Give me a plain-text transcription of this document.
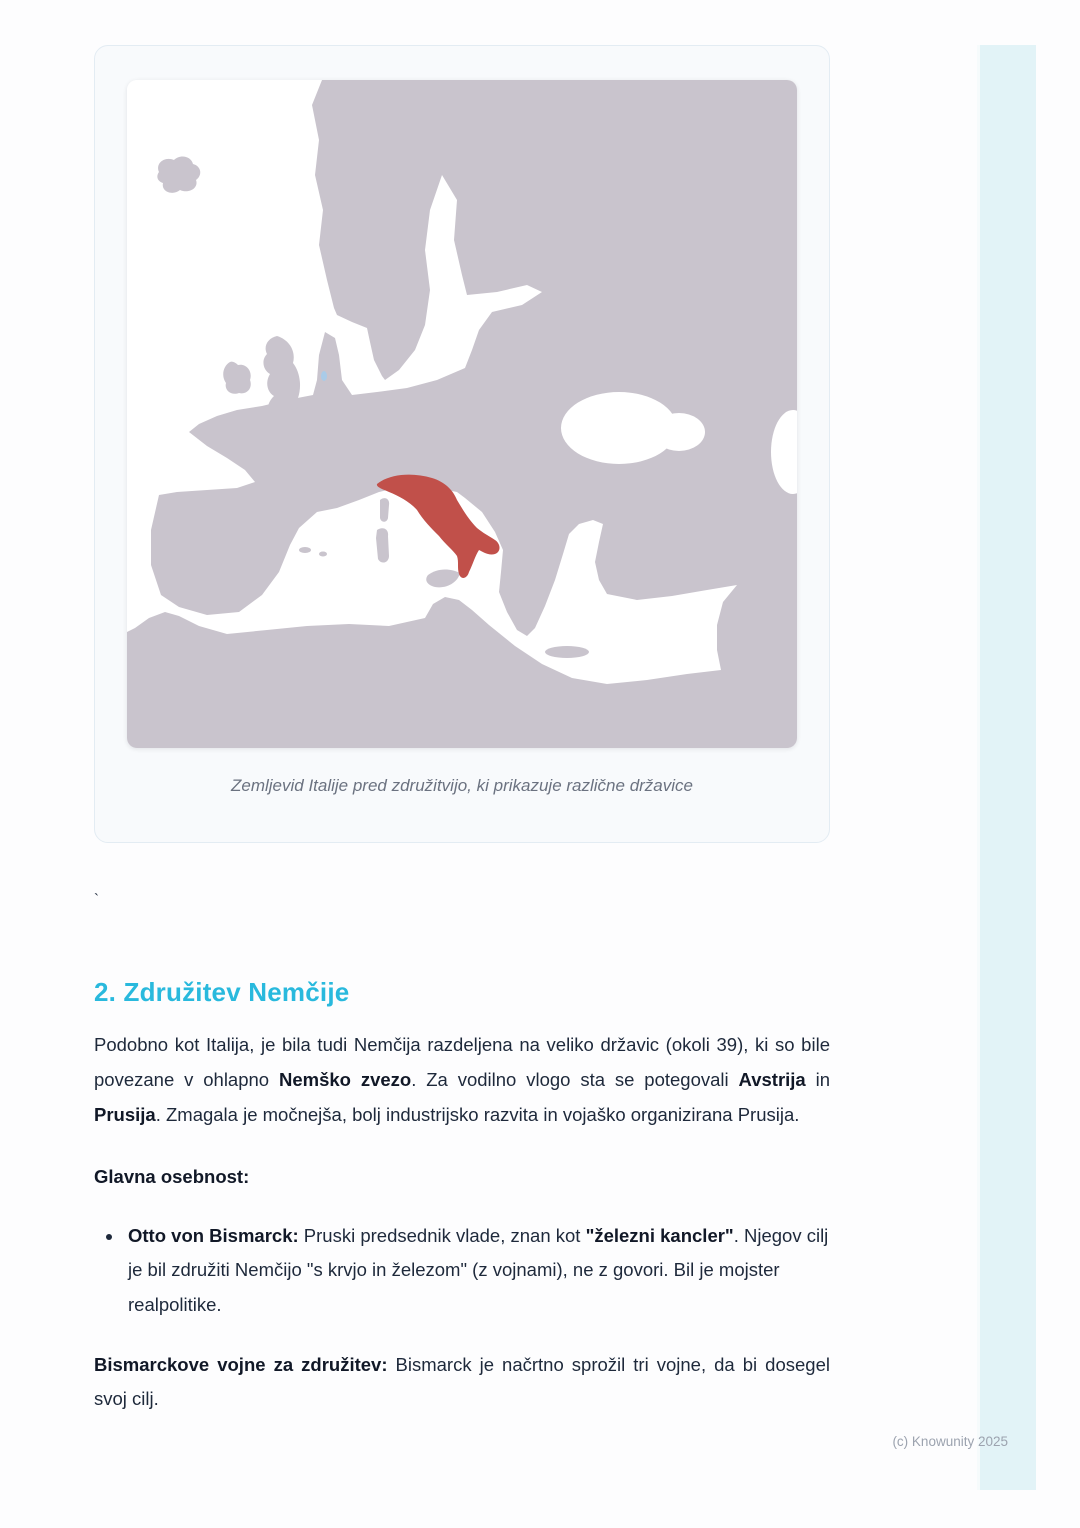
Zemljevid Italije pred združitvijo, ki prikazuje različne državice

`
2. Združitev Nemčije

Podobno kot Italija, je bila tudi Nemčija razdeljena na veliko državic (okoli 39), ki so bile povezane v ohlapno Nemško zvezo. Za vodilno vlogo sta se potegovali Avstrija in Prusija. Zmagala je močnejša, bolj industrijsko razvita in vojaško organizirana Prusija.

Glavna osebnost:

• Otto von Bismarck: Pruski predsednik vlade, znan kot "železni kancler". Njegov cilj je bil združiti Nemčijo "s krvjo in železom" (z vojnami), ne z govori. Bil je mojster realpolitike.

Bismarckove vojne za združitev: Bismarck je načrtno sprožil tri vojne, da bi dosegel svoj cilj.

(c) Knowunity 2025
